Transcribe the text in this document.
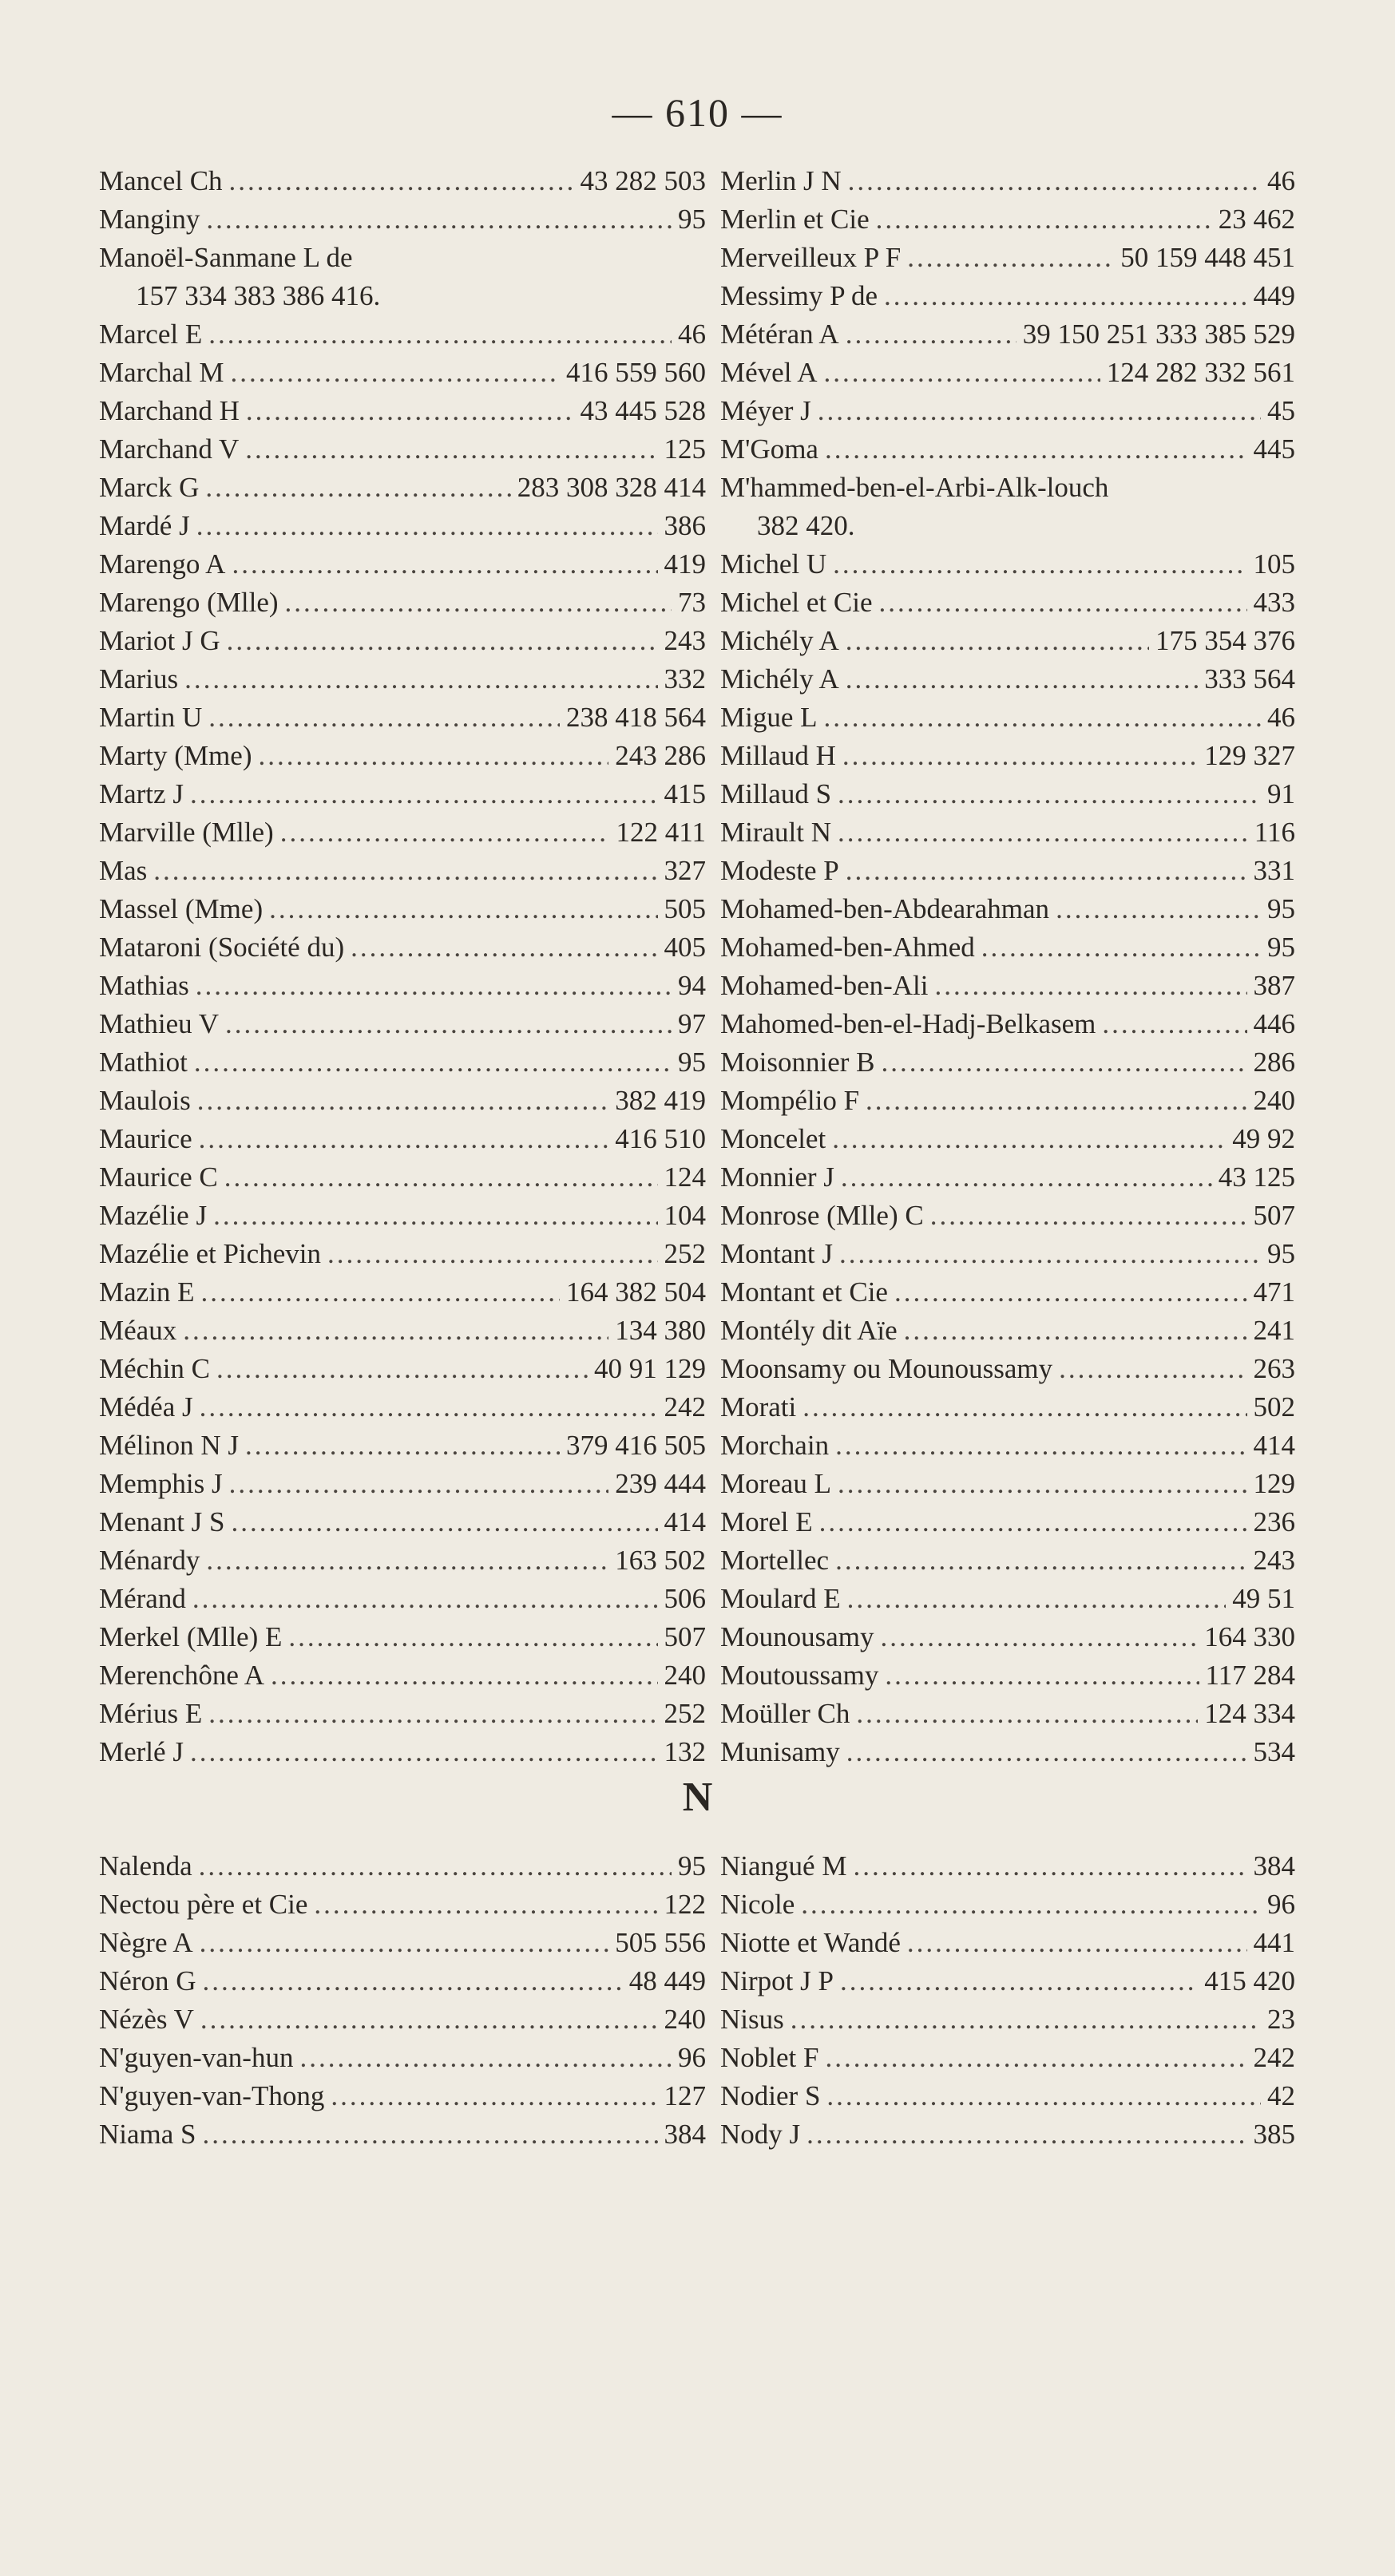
— 610 —
Mancel Ch .....	43 282 503
Manginy .....	95
Manoël-Sanmane L de
157 334 383 386 416.
Marcel E .....	46
Marchal M .....	416 559 560
Marchand H .....	43 445 528
Marchand V .....	125
Marck G .....	283 308 328 414
Mardé J .....	386
Marengo A .....	419
Marengo (Mlle) .....	73
Mariot J G .....	243
Marius .....	332
Martin U .....	238 418 564
Marty (Mme) .....	243 286
Martz J .....	415
Marville (Mlle) .....	122 411
Mas .....	327
Massel (Mme) .....	505
Mataroni (Société du) .....	405
Mathias .....	94
Mathieu V .....	97
Mathiot .....	95
Maulois .....	382 419
Maurice .....	416 510
Maurice C .....	124
Mazélie J .....	104
Mazélie et Pichevin .....	252
Mazin E .....	164 382 504
Méaux .....	134 380
Méchin C .....	40 91 129
Médéa J .....	242
Mélinon N J .....	379 416 505
Memphis J .....	239 444
Menant J S .....	414
Ménardy .....	163 502
Mérand .....	506
Merkel (Mlle) E .....	507
Merenchône A .....	240
Mérius E .....	252
Merlé J .....	132
Merlin J N .....	46
Merlin et Cie .....	23 462
Merveilleux P F .....	50 159 448 451
Messimy P de .....	449
Météran A .....	39 150 251 333 385 529
Mével A .....	124 282 332 561
Méyer J .....	45
M'Goma .....	445
M'hammed-ben-el-Arbi-Alk-louch
382 420.
Michel U .....	105
Michel et Cie .....	433
Michély A .....	175 354 376
Michély A .....	333 564
Migue L .....	46
Millaud H .....	129 327
Millaud S .....	91
Mirault N .....	116
Modeste P .....	331
Mohamed-ben-Abdearahman .....	95
Mohamed-ben-Ahmed .....	95
Mohamed-ben-Ali .....	387
Mahomed-ben-el-Hadj-Belkasem .....	446
Moisonnier B .....	286
Mompélio F .....	240
Moncelet .....	49 92
Monnier J .....	43 125
Monrose (Mlle) C .....	507
Montant J .....	95
Montant et Cie .....	471
Montély dit Aïe .....	241
Moonsamy ou Mounoussamy .....	263
Morati .....	502
Morchain .....	414
Moreau L .....	129
Morel E .....	236
Mortellec .....	243
Moulard E .....	49 51
Mounousamy .....	164 330
Moutoussamy .....	117 284
Moüller Ch .....	124 334
Munisamy .....	534
N
Nalenda .....	95
Nectou père et Cie .....	122
Nègre A .....	505 556
Néron G .....	48 449
Nézès V .....	240
N'guyen-van-hun .....	96
N'guyen-van-Thong .....	127
Niama S .....	384
Niangué M .....	384
Nicole .....	96
Niotte et Wandé .....	441
Nirpot J P .....	415 420
Nisus .....	23
Noblet F .....	242
Nodier S .....	42
Nody J .....	385
